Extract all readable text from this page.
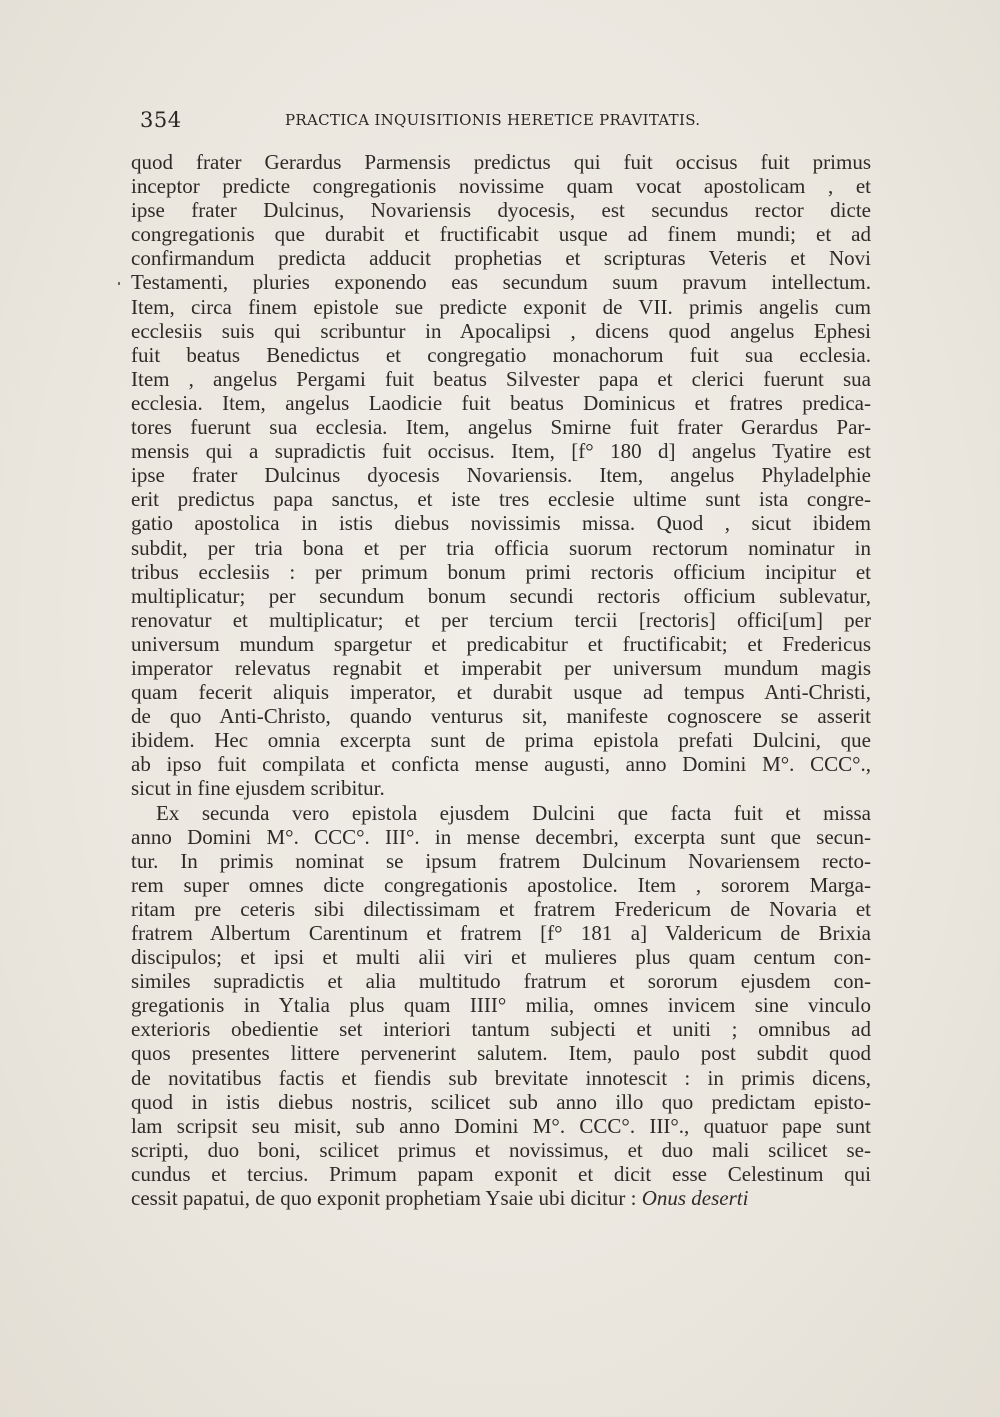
354	PRACTICA INQUISITIONIS HERETICE PRAVITATIS.
quod frater Gerardus Parmensis predictus qui fuit occisus fuit primus
inceptor predicte congregationis novissime quam vocat apostolicam , et
ipse frater Dulcinus, Novariensis dyocesis, est secundus rector dicte
congregationis que durabit et fructificabit usque ad finem mundi; et ad
confirmandum predicta adducit prophetias et scripturas Veteris et Novi
Testamenti, pluries exponendo eas secundum suum pravum intellectum.
Item, circa finem epistole sue predicte exponit de VII. primis angelis cum
ecclesiis suis qui scribuntur in Apocalipsi , dicens quod angelus Ephesi
fuit beatus Benedictus et congregatio monachorum fuit sua ecclesia.
Item , angelus Pergami fuit beatus Silvester papa et clerici fuerunt sua
ecclesia. Item, angelus Laodicie fuit beatus Dominicus et fratres predica-
tores fuerunt sua ecclesia. Item, angelus Smirne fuit frater Gerardus Par-
mensis qui a supradictis fuit occisus. Item, [f° 180 d] angelus Tyatire est
ipse frater Dulcinus dyocesis Novariensis. Item, angelus Phyladelphie
erit predictus papa sanctus, et iste tres ecclesie ultime sunt ista congre-
gatio apostolica in istis diebus novissimis missa. Quod , sicut ibidem
subdit, per tria bona et per tria officia suorum rectorum nominatur in
tribus ecclesiis : per primum bonum primi rectoris officium incipitur et
multiplicatur; per secundum bonum secundi rectoris officium sublevatur,
renovatur et multiplicatur; et per tercium tercii [rectoris] offici[um] per
universum mundum spargetur et predicabitur et fructificabit; et Fredericus
imperator relevatus regnabit et imperabit per universum mundum magis
quam fecerit aliquis imperator, et durabit usque ad tempus Anti-Christi,
de quo Anti-Christo, quando venturus sit, manifeste cognoscere se asserit
ibidem. Hec omnia excerpta sunt de prima epistola prefati Dulcini, que
ab ipso fuit compilata et conficta mense augusti, anno Domini M°. CCC°.,
sicut in fine ejusdem scribitur.
Ex secunda vero epistola ejusdem Dulcini que facta fuit et missa
anno Domini M°. CCC°. III°. in mense decembri, excerpta sunt que secun-
tur. In primis nominat se ipsum fratrem Dulcinum Novariensem recto-
rem super omnes dicte congregationis apostolice. Item , sororem Marga-
ritam pre ceteris sibi dilectissimam et fratrem Fredericum de Novaria et
fratrem Albertum Carentinum et fratrem [f° 181 a] Valdericum de Brixia
discipulos; et ipsi et multi alii viri et mulieres plus quam centum con-
similes supradictis et alia multitudo fratrum et sororum ejusdem con-
gregationis in Ytalia plus quam IIII° milia, omnes invicem sine vinculo
exterioris obedientie set interiori tantum subjecti et uniti ; omnibus ad
quos presentes littere pervenerint salutem. Item, paulo post subdit quod
de novitatibus factis et fiendis sub brevitate innotescit : in primis dicens,
quod in istis diebus nostris, scilicet sub anno illo quo predictam episto-
lam scripsit seu misit, sub anno Domini M°. CCC°. III°., quatuor pape sunt
scripti, duo boni, scilicet primus et novissimus, et duo mali scilicet se-
cundus et tercius. Primum papam exponit et dicit esse Celestinum qui
cessit papatui, de quo exponit prophetiam Ysaie ubi dicitur : Onus deserti
